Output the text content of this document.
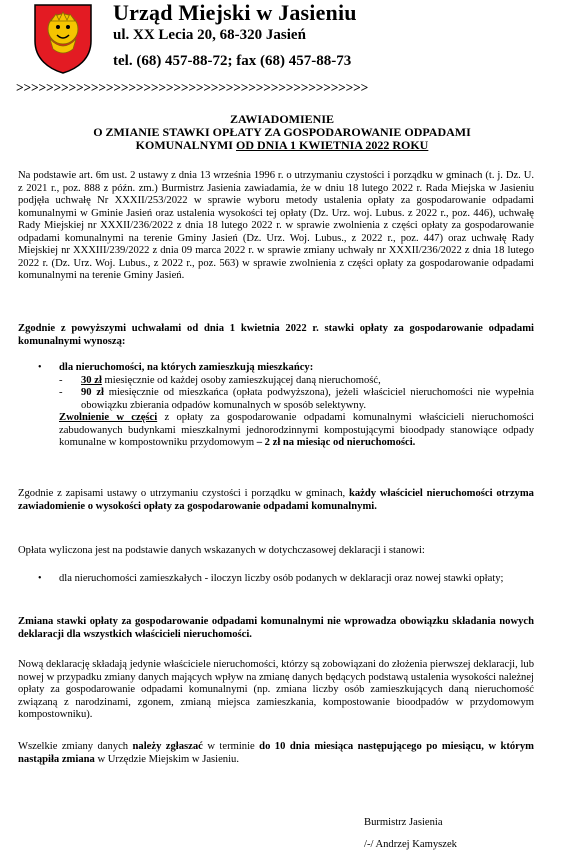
Urząd Miejski w Jasieniu
ul. XX Lecia 20, 68-320 Jasień
tel. (68) 457-88-72; fax (68) 457-88-73
>>>>>>>>>>>>>>>>>>>>>>>>>>>>>>>>>>>>>>>>>>>>>>>
ZAWIADOMIENIE
O ZMIANIE STAWKI OPŁATY ZA GOSPODAROWANIE ODPADAMI
KOMUNALNYMI OD DNIA 1 KWIETNIA 2022 ROKU

Na podstawie art. 6m ust. 2 ustawy z dnia 13 września 1996 r. o utrzymaniu czystości i porządku w gminach (t. j. Dz. U. z 2021 r., poz. 888 z późn. zm.) Burmistrz Jasienia zawiadamia, że w dniu 18 lutego 2022 r. Rada Miejska w Jasieniu podjęła uchwałę Nr XXXII/253/2022 w sprawie wyboru metody ustalenia opłaty za gospodarowanie odpadami komunalnymi w Gminie Jasień oraz ustalenia wysokości tej opłaty (Dz. Urz. woj. Lubus. z 2022 r., poz. 446), uchwałę Rady Miejskiej nr XXXII/236/2022 z dnia 18 lutego 2022 r. w sprawie zwolnienia z części opłaty za gospodarowanie odpadami komunalnymi na terenie Gminy Jasień (Dz. Urz. Woj. Lubus., z 2022 r., poz. 447) oraz uchwałę Rady Miejskiej nr XXXIII/239/2022 z dnia 09 marca 2022 r. w sprawie zmiany uchwały nr XXXII/236/2022 z dnia 18 lutego 2022 r. (Dz. Urz. Woj. Lubus., z 2022 r., poz. 563) w sprawie zwolnienia z części opłaty za gospodarowanie odpadami komunalnymi na terenie Gminy Jasień.

Zgodnie z powyższymi uchwałami od dnia 1 kwietnia 2022 r. stawki opłaty za gospodarowanie odpadami komunalnymi wynoszą:

• dla nieruchomości, na których zamieszkują mieszkańcy:
-	30 zł miesięcznie od każdej osoby zamieszkującej daną nieruchomość,
-	90 zł miesięcznie od mieszkańca (opłata podwyższona), jeżeli właściciel nieruchomości nie wypełnia obowiązku zbierania odpadów komunalnych w sposób selektywny.
Zwolnienie w części z opłaty za gospodarowanie odpadami komunalnymi właścicieli nieruchomości zabudowanych budynkami mieszkalnymi jednorodzinnymi kompostującymi bioodpady stanowiące odpady komunalne w kompostowniku przydomowym – 2 zł na miesiąc od nieruchomości.

Zgodnie z zapisami ustawy o utrzymaniu czystości i porządku w gminach, każdy właściciel nieruchomości otrzyma zawiadomienie o wysokości opłaty za gospodarowanie odpadami komunalnymi.

Opłata wyliczona jest na podstawie danych wskazanych w dotychczasowej deklaracji i stanowi:

• dla nieruchomości zamieszkałych - iloczyn liczby osób podanych w deklaracji oraz nowej stawki opłaty;

Zmiana stawki opłaty za gospodarowanie odpadami komunalnymi nie wprowadza obowiązku składania nowych deklaracji dla wszystkich właścicieli nieruchomości.

Nową deklarację składają jedynie właściciele nieruchomości, którzy są zobowiązani do złożenia pierwszej deklaracji, lub nowej w przypadku zmiany danych mających wpływ na zmianę danych będących podstawą ustalenia wysokości należnej opłaty za gospodarowanie odpadami komunalnymi (np. zmiana liczby osób zamieszkujących daną nieruchomość związaną z narodzinami, zgonem, zmianą miejsca zamieszkania, kompostowanie bioodpadów w przydomowym kompostowniku).

Wszelkie zmiany danych należy zgłaszać w terminie do 10 dnia miesiąca następującego po miesiącu, w którym nastąpiła zmiana w Urzędzie Miejskim w Jasieniu.

Burmistrz Jasienia
/-/ Andrzej Kamyszek
